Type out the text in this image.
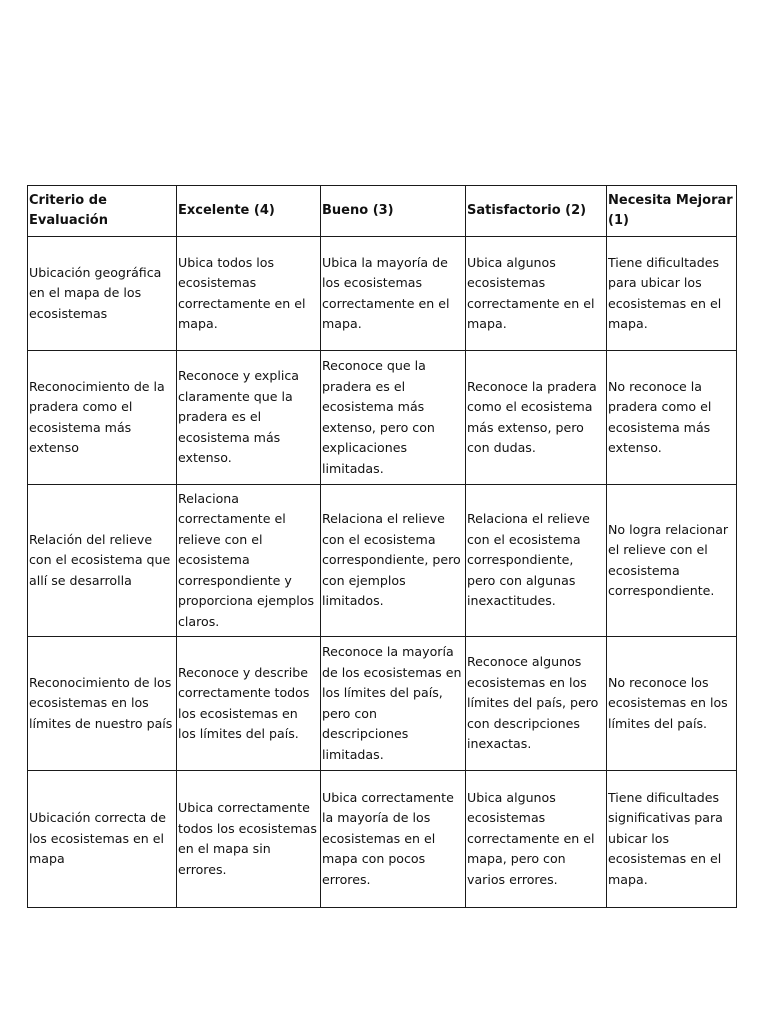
Criterio de Evaluación	Excelente (4)	Bueno (3)	Satisfactorio (2)	Necesita Mejorar (1)
Ubicación geográfica en el mapa de los ecosistemas	Ubica todos los ecosistemas correctamente en el mapa.	Ubica la mayoría de los ecosistemas correctamente en el mapa.	Ubica algunos ecosistemas correctamente en el mapa.	Tiene dificultades para ubicar los ecosistemas en el mapa.
Reconocimiento de la pradera como el ecosistema más extenso	Reconoce y explica claramente que la pradera es el ecosistema más extenso.	Reconoce que la pradera es el ecosistema más extenso, pero con explicaciones limitadas.	Reconoce la pradera como el ecosistema más extenso, pero con dudas.	No reconoce la pradera como el ecosistema más extenso.
Relación del relieve con el ecosistema que allí se desarrolla	Relaciona correctamente el relieve con el ecosistema correspondiente y proporciona ejemplos claros.	Relaciona el relieve con el ecosistema correspondiente, pero con ejemplos limitados.	Relaciona el relieve con el ecosistema correspondiente, pero con algunas inexactitudes.	No logra relacionar el relieve con el ecosistema correspondiente.
Reconocimiento de los ecosistemas en los límites de nuestro país	Reconoce y describe correctamente todos los ecosistemas en los límites del país.	Reconoce la mayoría de los ecosistemas en los límites del país, pero con descripciones limitadas.	Reconoce algunos ecosistemas en los límites del país, pero con descripciones inexactas.	No reconoce los ecosistemas en los límites del país.
Ubicación correcta de los ecosistemas en el mapa	Ubica correctamente todos los ecosistemas en el mapa sin errores.	Ubica correctamente la mayoría de los ecosistemas en el mapa con pocos errores.	Ubica algunos ecosistemas correctamente en el mapa, pero con varios errores.	Tiene dificultades significativas para ubicar los ecosistemas en el mapa.
